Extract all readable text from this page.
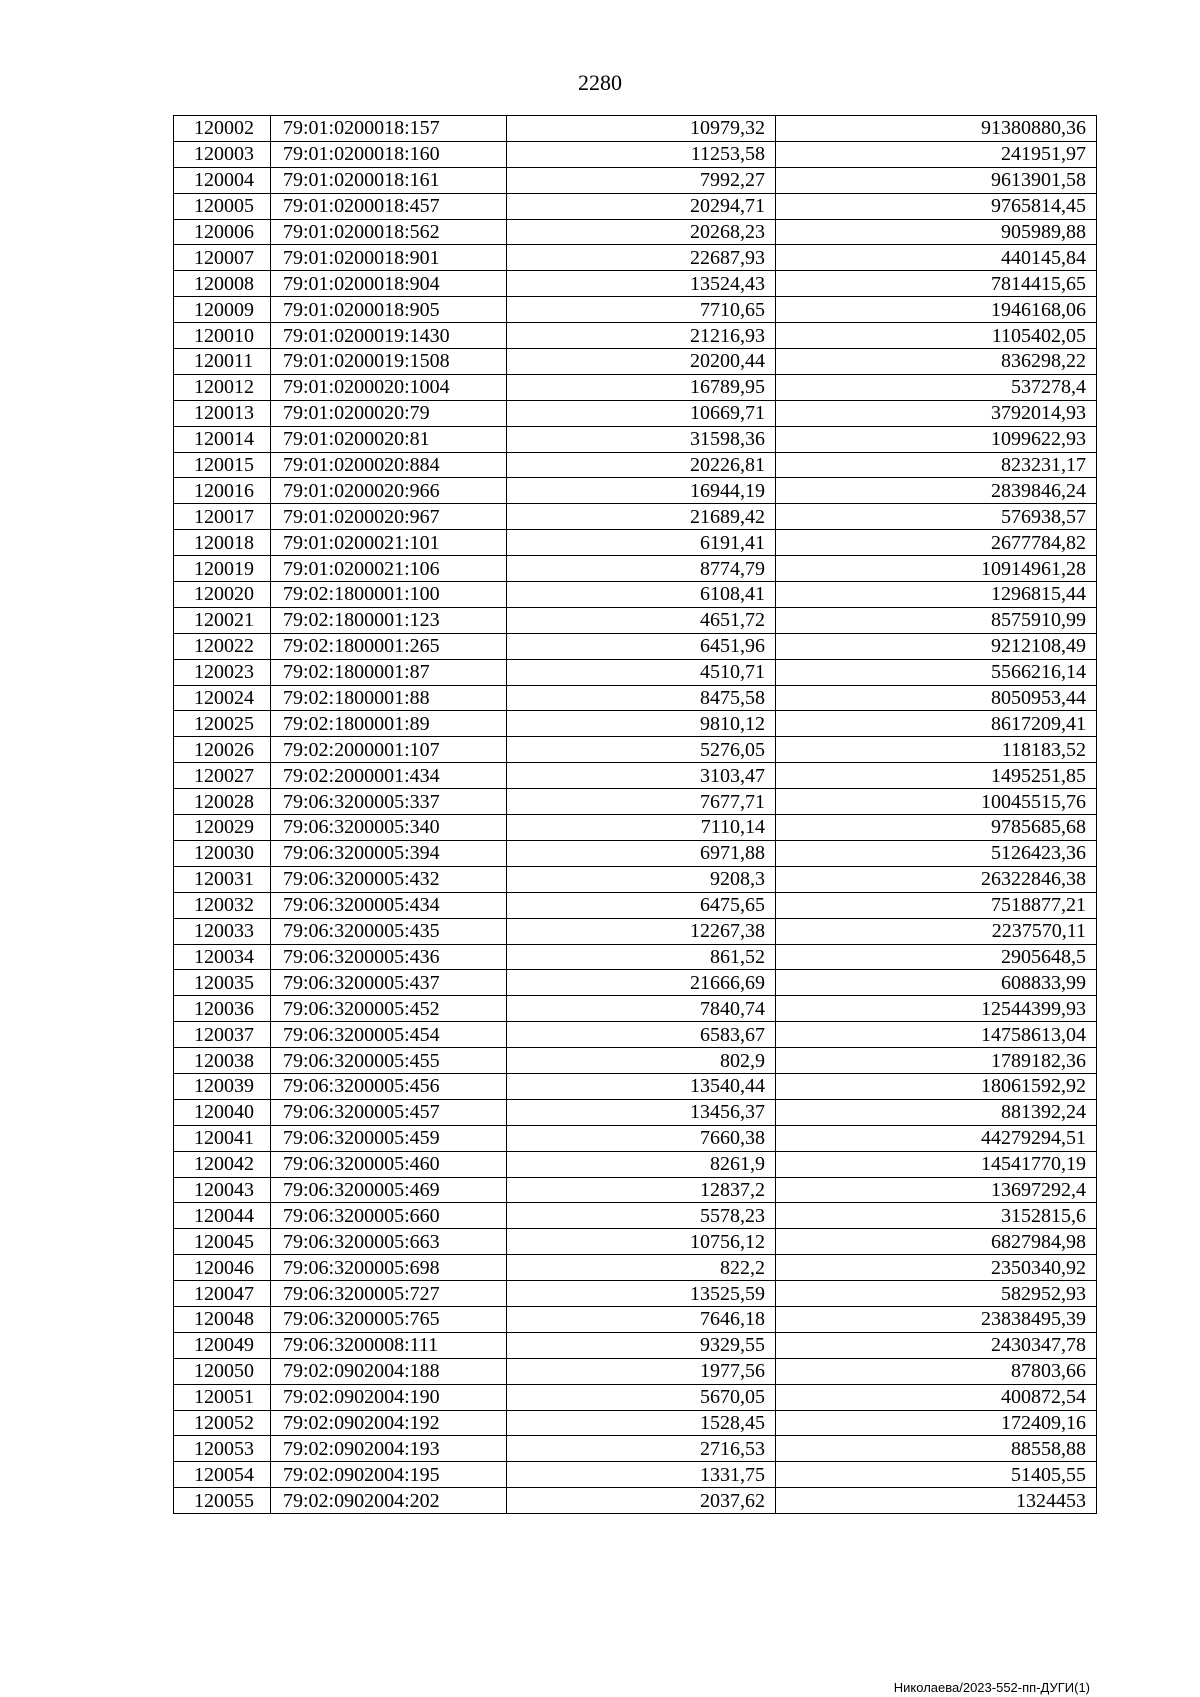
2280
120002	79:01:0200018:157	10979,32	91380880,36
120003	79:01:0200018:160	11253,58	241951,97
120004	79:01:0200018:161	7992,27	9613901,58
120005	79:01:0200018:457	20294,71	9765814,45
120006	79:01:0200018:562	20268,23	905989,88
120007	79:01:0200018:901	22687,93	440145,84
120008	79:01:0200018:904	13524,43	7814415,65
120009	79:01:0200018:905	7710,65	1946168,06
120010	79:01:0200019:1430	21216,93	1105402,05
120011	79:01:0200019:1508	20200,44	836298,22
120012	79:01:0200020:1004	16789,95	537278,4
120013	79:01:0200020:79	10669,71	3792014,93
120014	79:01:0200020:81	31598,36	1099622,93
120015	79:01:0200020:884	20226,81	823231,17
120016	79:01:0200020:966	16944,19	2839846,24
120017	79:01:0200020:967	21689,42	576938,57
120018	79:01:0200021:101	6191,41	2677784,82
120019	79:01:0200021:106	8774,79	10914961,28
120020	79:02:1800001:100	6108,41	1296815,44
120021	79:02:1800001:123	4651,72	8575910,99
120022	79:02:1800001:265	6451,96	9212108,49
120023	79:02:1800001:87	4510,71	5566216,14
120024	79:02:1800001:88	8475,58	8050953,44
120025	79:02:1800001:89	9810,12	8617209,41
120026	79:02:2000001:107	5276,05	118183,52
120027	79:02:2000001:434	3103,47	1495251,85
120028	79:06:3200005:337	7677,71	10045515,76
120029	79:06:3200005:340	7110,14	9785685,68
120030	79:06:3200005:394	6971,88	5126423,36
120031	79:06:3200005:432	9208,3	26322846,38
120032	79:06:3200005:434	6475,65	7518877,21
120033	79:06:3200005:435	12267,38	2237570,11
120034	79:06:3200005:436	861,52	2905648,5
120035	79:06:3200005:437	21666,69	608833,99
120036	79:06:3200005:452	7840,74	12544399,93
120037	79:06:3200005:454	6583,67	14758613,04
120038	79:06:3200005:455	802,9	1789182,36
120039	79:06:3200005:456	13540,44	18061592,92
120040	79:06:3200005:457	13456,37	881392,24
120041	79:06:3200005:459	7660,38	44279294,51
120042	79:06:3200005:460	8261,9	14541770,19
120043	79:06:3200005:469	12837,2	13697292,4
120044	79:06:3200005:660	5578,23	3152815,6
120045	79:06:3200005:663	10756,12	6827984,98
120046	79:06:3200005:698	822,2	2350340,92
120047	79:06:3200005:727	13525,59	582952,93
120048	79:06:3200005:765	7646,18	23838495,39
120049	79:06:3200008:111	9329,55	2430347,78
120050	79:02:0902004:188	1977,56	87803,66
120051	79:02:0902004:190	5670,05	400872,54
120052	79:02:0902004:192	1528,45	172409,16
120053	79:02:0902004:193	2716,53	88558,88
120054	79:02:0902004:195	1331,75	51405,55
120055	79:02:0902004:202	2037,62	1324453
Николаева/2023-552-пп-ДУГИ(1)
